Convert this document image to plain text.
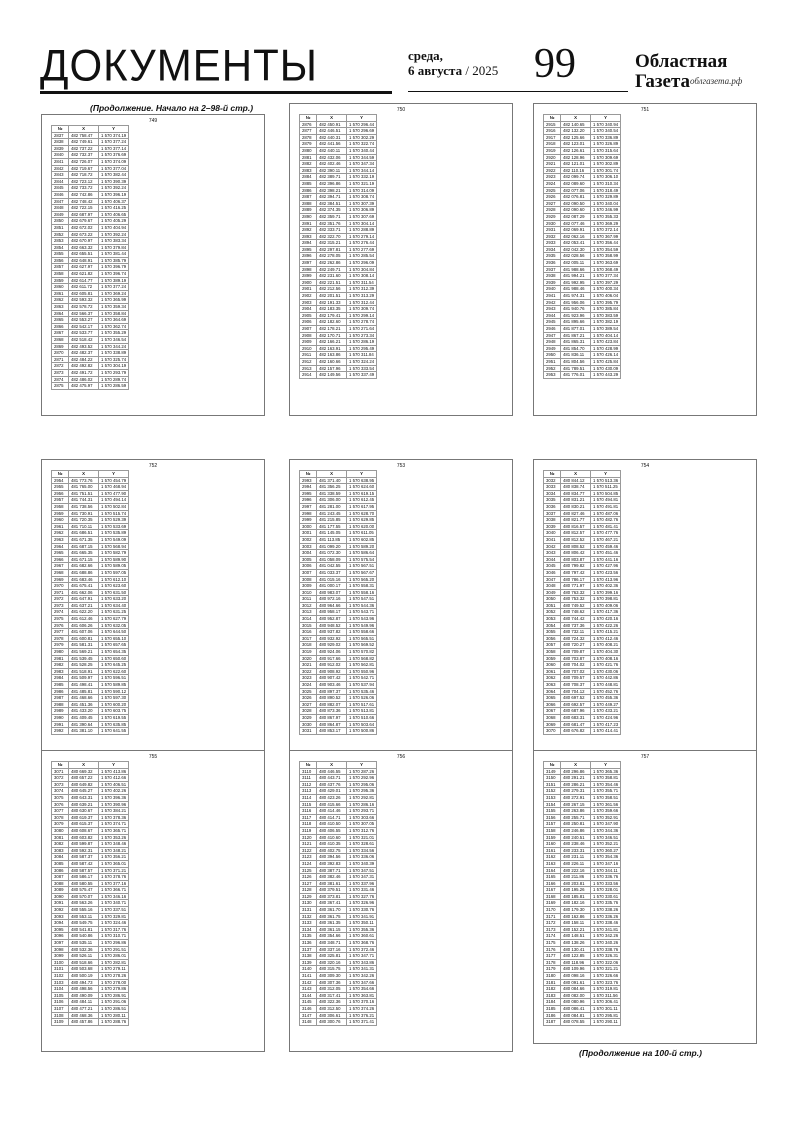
ДОКУМЕНТЫ	среда,
6 августа / 2025 99	Областная
Газета облгазета.рф
(Продолжение. Начало на 2–98-й стр.)
749
№	X	Y
2837	482 758.47	1 570 374.19
2838	482 749.61	1 570 377.24
2839	482 737.22	1 570 377.14
2840	482 732.37	1 570 376.69
2841	482 726.07	1 570 374.09
2842	482 719.67	1 570 377.04
2843	482 718.72	1 570 382.44
2844	482 723.12	1 570 390.39
2845	482 733.72	1 570 392.24
2846	482 742.86	1 570 396.19
2847	482 748.42	1 570 406.37
2848	482 722.15	1 570 416.25
2849	482 687.97	1 570 406.65
2850	482 679.67	1 570 405.29
2851	482 672.02	1 570 404.94
2852	482 673.22	1 570 392.24
2853	482 670.97	1 570 383.34
2854	482 663.32	1 570 379.84
2855	482 655.51	1 570 381.44
2856	482 648.91	1 570 385.79
2857	482 627.97	1 570 396.79
2858	482 621.82	1 570 396.74
2859	482 614.77	1 570 389.19
2860	482 611.72	1 570 377.24
2861	482 605.81	1 570 369.24
2862	482 593.32	1 570 365.99
2863	482 578.72	1 570 359.34
2864	482 566.37	1 570 358.84
2865	482 553.27	1 570 364.69
2866	482 542.17	1 570 362.74
2867	482 533.77	1 570 355.29
2868	482 518.42	1 570 346.54
2869	482 493.52	1 570 344.24
2870	482 482.37	1 570 338.89
2871	482 484.22	1 570 325.74
2872	482 492.82	1 570 304.19
2873	482 491.72	1 570 293.79
2874	482 486.02	1 570 289.74
2875	482 475.97	1 570 286.59
750
№	X	Y
2876	482 450.91	1 570 296.44
2877	482 446.51	1 570 296.69
2878	482 440.31	1 570 302.29
2879	482 441.56	1 570 322.74
2880	482 440.11	1 570 340.44
2881	482 432.06	1 570 344.59
2882	482 402.46	1 570 347.34
2883	482 390.11	1 570 344.14
2884	482 389.71	1 570 332.19
2885	482 396.86	1 570 321.19
2886	482 398.21	1 570 314.09
2887	482 394.71	1 570 308.74
2888	482 384.51	1 570 307.39
2889	482 374.35	1 570 306.89
2890	482 359.71	1 570 307.69
2891	482 351.76	1 570 304.14
2892	482 333.71	1 570 288.89
2893	482 322.70	1 570 279.14
2894	482 315.21	1 570 276.44
2895	482 297.81	1 570 277.69
2896	482 278.05	1 570 285.54
2897	482 262.86	1 570 296.09
2898	482 249.71	1 570 304.84
2899	482 231.60	1 570 308.14
2900	482 221.51	1 570 311.54
2901	482 212.56	1 570 312.39
2902	482 201.51	1 570 313.29
2903	482 191.33	1 570 312.44
2904	482 183.35	1 570 309.74
2905	482 179.41	1 570 299.14
2906	482 182.60	1 570 278.74
2907	482 178.21	1 570 271.64
2908	482 170.71	1 570 273.34
2909	482 166.21	1 570 286.19
2910	482 163.91	1 570 295.49
2911	482 163.86	1 570 311.84
2912	482 160.66	1 570 324.24
2913	482 157.96	1 570 333.54
2914	482 149.56	1 570 337.49
751
№	X	Y
2915	482 140.65	1 570 340.94
2916	482 132.20	1 570 340.54
2917	482 125.66	1 570 336.89
2918	482 123.01	1 570 326.89
2919	482 126.61	1 570 315.64
2920	482 128.96	1 570 309.69
2921	482 121.01	1 570 302.89
2922	482 110.16	1 570 301.74
2923	482 099.74	1 570 306.10
2924	482 089.60	1 570 310.34
2925	482 077.06	1 570 318.49
2926	482 076.81	1 570 329.89
2927	482 090.50	1 570 340.04
2928	482 090.60	1 570 346.99
2929	482 087.29	1 570 355.33
2930	482 077.46	1 570 369.29
2931	482 069.91	1 570 372.14
2932	482 062.16	1 570 367.99
2933	482 053.41	1 570 356.44
2934	482 042.30	1 570 354.59
2935	482 028.56	1 570 358.99
2936	482 005.11	1 570 363.69
2937	481 988.66	1 570 368.49
2938	481 994.21	1 570 377.34
2939	481 992.95	1 570 397.29
2940	481 988.46	1 570 400.34
2941	481 974.31	1 570 406.04
2942	481 956.06	1 570 395.79
2943	481 940.76	1 570 385.84
2944	481 923.96	1 570 383.59
2945	481 895.66	1 570 382.19
2946	481 877.01	1 570 389.54
2947	481 867.21	1 570 404.14
2948	481 865.31	1 570 423.84
2949	481 854.70	1 570 428.99
2950	481 836.11	1 570 426.14
2951	481 804.56	1 570 425.84
2952	481 789.51	1 570 430.09
2953	481 776.01	1 570 443.29
752
№	X	Y
2954	481 773.76	1 570 454.79
2955	481 765.00	1 570 468.94
2956	481 751.51	1 570 477.90
2957	481 744.31	1 570 494.14
2958	481 738.56	1 570 502.84
2959	481 730.91	1 570 515.74
2960	481 720.35	1 570 529.39
2961	481 710.11	1 570 533.69
2962	481 686.51	1 570 535.89
2963	481 671.35	1 570 549.09
2964	481 687.15	1 570 568.94
2965	481 665.35	1 570 582.79
2966	481 671.15	1 570 589.90
2967	481 682.66	1 570 589.05
2968	481 688.86	1 570 597.05
2969	481 683.46	1 570 612.10
2970	481 675.41	1 570 623.60
2971	481 662.06	1 570 631.50
2972	481 647.91	1 570 633.20
2973	481 637.21	1 570 634.40
2974	481 622.20	1 570 631.25
2975	481 612.46	1 570 627.79
2976	481 606.26	1 570 632.05
2977	481 607.06	1 570 644.50
2978	481 600.81	1 570 655.10
2979	481 581.31	1 570 657.65
2980	481 569.21	1 570 654.35
2981	481 539.45	1 570 650.60
2982	481 528.25	1 570 645.25
2983	481 518.91	1 570 622.60
2984	481 509.97	1 570 596.51
2985	481 498.41	1 570 589.85
2986	481 485.81	1 570 590.12
2987	481 468.66	1 570 597.30
2988	481 451.36	1 570 600.20
2989	481 433.20	1 570 603.75
2990	481 409.45	1 570 619.55
2991	481 390.64	1 570 635.85
2992	481 381.10	1 570 641.55
753
№	X	Y
2993	481 371.40	1 570 638.95
2994	481 356.25	1 570 624.60
2995	481 338.59	1 570 619.15
2996	481 306.00	1 570 612.45
2997	481 281.00	1 570 617.95
2998	481 243.45	1 570 628.70
2999	481 215.85	1 570 629.85
3000	481 177.55	1 570 620.00
3001	481 145.05	1 570 611.05
3002	481 113.85	1 570 602.85
3003	481 099.20	1 570 589.20
3004	481 072.30	1 570 586.64
3005	481 058.09	1 570 575.54
3006	481 042.55	1 570 567.51
3007	481 033.37	1 570 567.67
3008	481 015.16	1 570 565.20
3009	481 000.17	1 570 558.31
3010	480 983.07	1 570 558.16
3011	480 972.16	1 570 547.51
3012	480 964.66	1 570 544.36
3013	480 958.17	1 570 543.71
3014	480 952.87	1 570 543.96
3015	480 948.52	1 570 549.96
3016	480 937.82	1 570 558.66
3017	480 932.92	1 570 565.51
3018	480 929.02	1 570 569.52
3019	480 924.06	1 570 570.82
3020	480 917.66	1 570 568.82
3021	480 912.02	1 570 562.81
3022	480 908.92	1 570 550.96
3023	480 907.42	1 570 542.71
3024	480 903.46	1 570 537.94
3025	480 897.37	1 570 535.46
3026	480 890.52	1 570 526.06
3027	480 882.07	1 570 517.61
3028	480 873.36	1 570 513.81
3029	480 867.97	1 570 510.66
3030	480 864.87	1 570 503.64
3031	480 853.17	1 570 500.86
754
№	X	Y
3032	480 844.12	1 570 513.36
3033	480 838.74	1 570 511.25
3034	480 834.77	1 570 504.85
3035	480 831.21	1 570 494.81
3036	480 830.21	1 570 491.81
3037	480 827.46	1 570 487.06
3038	480 821.77	1 570 482.76
3039	480 816.57	1 570 481.41
3040	480 812.57	1 570 477.76
3041	480 812.52	1 570 467.21
3042	480 808.52	1 570 459.46
3043	480 806.42	1 570 451.46
3044	480 803.87	1 570 441.16
3045	480 799.82	1 570 427.96
3046	480 797.42	1 570 423.56
3047	480 786.17	1 570 413.96
3048	480 771.97	1 570 402.36
3049	480 763.32	1 570 399.16
3050	480 753.32	1 570 398.81
3051	480 749.52	1 570 409.06
3052	480 748.62	1 570 417.36
3053	480 744.42	1 570 420.16
3054	480 737.36	1 570 422.26
3055	480 732.11	1 570 415.21
3056	480 724.32	1 570 412.46
3057	480 720.27	1 570 408.21
3058	480 709.87	1 570 404.30
3059	480 703.87	1 570 408.16
3060	480 704.02	1 570 421.76
3061	480 707.02	1 570 430.06
3062	480 709.57	1 570 442.86
3063	480 708.37	1 570 448.81
3064	480 704.12	1 570 452.76
3065	480 697.52	1 570 455.36
3066	480 692.57	1 570 449.27
3067	480 687.96	1 570 433.21
3068	480 683.31	1 570 424.96
3069	480 681.47	1 570 417.23
3070	480 676.82	1 570 414.41
755
№	X	Y
3071	480 669.32	1 570 413.86
3072	480 657.22	1 570 412.66
3073	480 649.82	1 570 406.51
3074	480 645.27	1 570 402.26
3075	480 643.31	1 570 396.36
3076	480 639.21	1 570 390.96
3077	480 630.67	1 570 384.21
3078	480 619.37	1 570 378.36
3079	480 615.37	1 570 374.71
3080	480 608.67	1 570 365.71
3081	480 603.82	1 570 353.26
3082	480 599.87	1 570 348.46
3083	480 592.31	1 570 348.21
3084	480 587.37	1 570 356.21
3085	480 587.42	1 570 365.01
3086	480 587.57	1 570 371.21
3087	480 586.17	1 570 378.76
3088	480 580.55	1 570 377.16
3089	480 575.47	1 570 366.71
3090	480 570.07	1 570 346.16
3091	480 563.26	1 570 340.71
3092	480 555.16	1 570 337.51
3093	480 553.11	1 570 329.81
3094	480 549.75	1 570 324.46
3095	480 541.81	1 570 317.76
3096	480 540.86	1 570 310.71
3097	480 535.11	1 570 296.86
3098	480 532.36	1 570 291.51
3099	480 526.11	1 570 286.01
3100	480 518.66	1 570 282.81
3101	480 503.68	1 570 279.11
3102	480 500.19	1 570 278.26
3103	480 494.73	1 570 278.00
3104	480 498.56	1 570 279.86
3105	480 490.09	1 570 286.91
3106	480 484.11	1 570 291.06
3107	480 477.21	1 570 286.51
3108	480 468.36	1 570 280.11
3109	480 457.86	1 570 288.76
756
№	X	Y
3110	480 446.55	1 570 287.26
3111	480 443.71	1 570 292.96
3112	480 437.76	1 570 295.06
3113	480 429.01	1 570 295.36
3114	480 423.26	1 570 292.81
3115	480 415.66	1 570 286.16
3116	480 414.46	1 570 293.71
3117	480 414.71	1 570 303.66
3118	480 410.50	1 570 307.05
3119	480 406.55	1 570 312.76
3120	480 410.60	1 570 321.01
3121	480 410.35	1 570 328.61
3122	480 402.75	1 570 334.56
3123	480 394.56	1 570 336.06
3124	480 392.83	1 570 340.39
3125	480 387.71	1 570 347.51
3126	480 382.46	1 570 347.31
3127	480 381.61	1 570 337.96
3128	480 379.51	1 570 331.46
3129	480 373.81	1 570 327.76
3130	480 367.41	1 570 326.96
3131	480 361.70	1 570 330.76
3132	480 361.75	1 570 341.91
3133	480 361.35	1 570 350.11
3134	480 361.15	1 570 355.36
3135	480 354.66	1 570 360.61
3136	480 348.71	1 570 368.76
3137	480 337.16	1 570 372.46
3138	480 325.81	1 570 347.71
3139	480 320.16	1 570 343.86
3140	480 315.75	1 570 341.31
3141	480 309.30	1 570 342.26
3142	480 307.36	1 570 347.66
3143	480 312.05	1 570 354.66
3144	480 317.41	1 570 363.81
3145	480 322.36	1 570 370.16
3146	480 312.50	1 570 374.26
3147	480 306.61	1 570 376.21
3148	480 300.76	1 570 371.41
757
№	X	Y
3149	480 296.86	1 570 365.36
3150	480 291.21	1 570 358.81
3151	480 286.21	1 570 354.46
3152	480 279.31	1 570 355.71
3153	480 272.91	1 570 358.51
3154	480 267.15	1 570 361.56
3155	480 263.86	1 570 359.66
3156	480 255.71	1 570 352.91
3157	480 250.81	1 570 347.90
3158	480 246.86	1 570 344.36
3159	480 240.51	1 570 346.51
3160	480 238.46	1 570 352.21
3161	480 233.31	1 570 360.27
3162	480 231.11	1 570 354.36
3163	480 226.11	1 570 347.16
3164	480 222.16	1 570 344.11
3165	480 211.86	1 570 336.76
3166	480 203.81	1 570 333.56
3167	480 195.26	1 570 328.01
3168	480 185.81	1 570 330.61
3169	480 182.16	1 570 335.76
3170	480 179.30	1 570 338.26
3171	480 162.86	1 570 336.26
3172	480 158.11	1 570 338.46
3173	480 152.21	1 570 341.81
3174	480 148.51	1 570 342.26
3175	480 138.26	1 570 340.26
3176	480 130.41	1 570 338.76
3177	480 122.85	1 570 326.31
3178	480 118.96	1 570 322.06
3179	480 109.96	1 570 321.21
3180	480 098.16	1 570 326.66
3181	480 091.61	1 570 323.76
3182	480 084.66	1 570 319.81
3183	480 082.00	1 570 311.56
3184	480 080.96	1 570 306.41
3185	480 086.41	1 570 301.11
3186	480 084.81	1 570 295.81
3187	480 078.55	1 570 290.11
(Продолжение на 100-й стр.)
